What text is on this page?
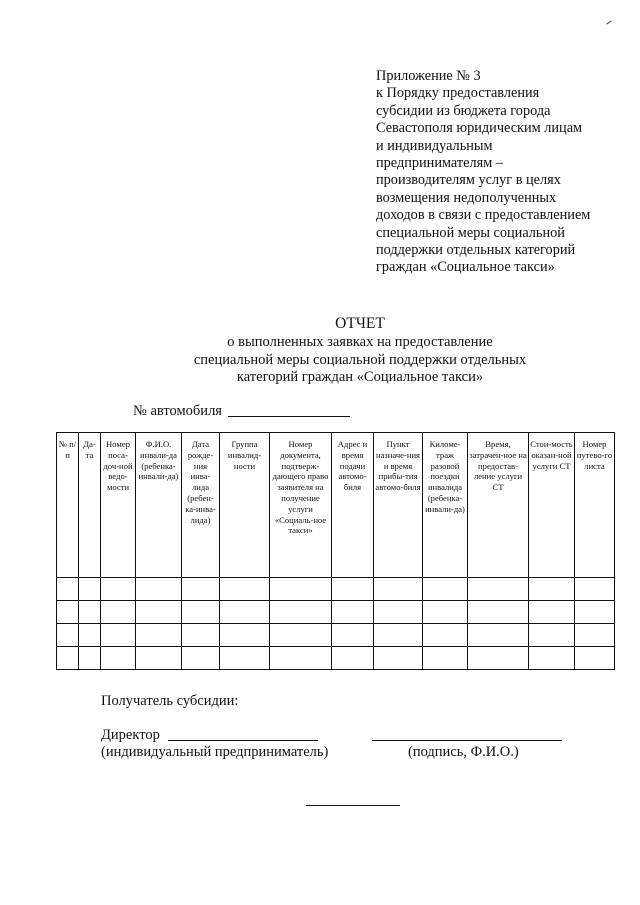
Приложение № 3
к Порядку предоставления
субсидии из бюджета города
Севастополя юридическим лицам
и индивидуальным
предпринимателям –
производителям услуг в целях
возмещения недополученных
доходов в связи с предоставлением
специальной меры социальной
поддержки отдельных категорий
граждан «Социальное такси»
ОТЧЕТ
о выполненных заявках на предоставление
специальной меры социальной поддержки отдельных
категорий граждан «Социальное такси»
№ автомобиля
№ п/п	Да-та	Номер поса-доч-ной ведо-мости	Ф.И.О. инвали-да (ребенка-инвали-да)	Дата рожде-ния инва-лида (ребен-ка-инва-лида)	Группа инвалид-ности	Номер документа, подтверж-дающего право заявителя на получение услуги «Социаль-ное такси»	Адрес и время подачи автомо-биля	Пункт назначе-ния и время прибы-тия автомо-биля	Киломе-траж разовой поездки инвалида (ребенка-инвали-да)	Время, затрачен-ное на предостав-ление услуги СТ	Стои-мость оказан-ной услуги СТ	Номер путево-го листа

Получатель субсидии:
Директор
(индивидуальный предприниматель)	(подпись, Ф.И.О.)
